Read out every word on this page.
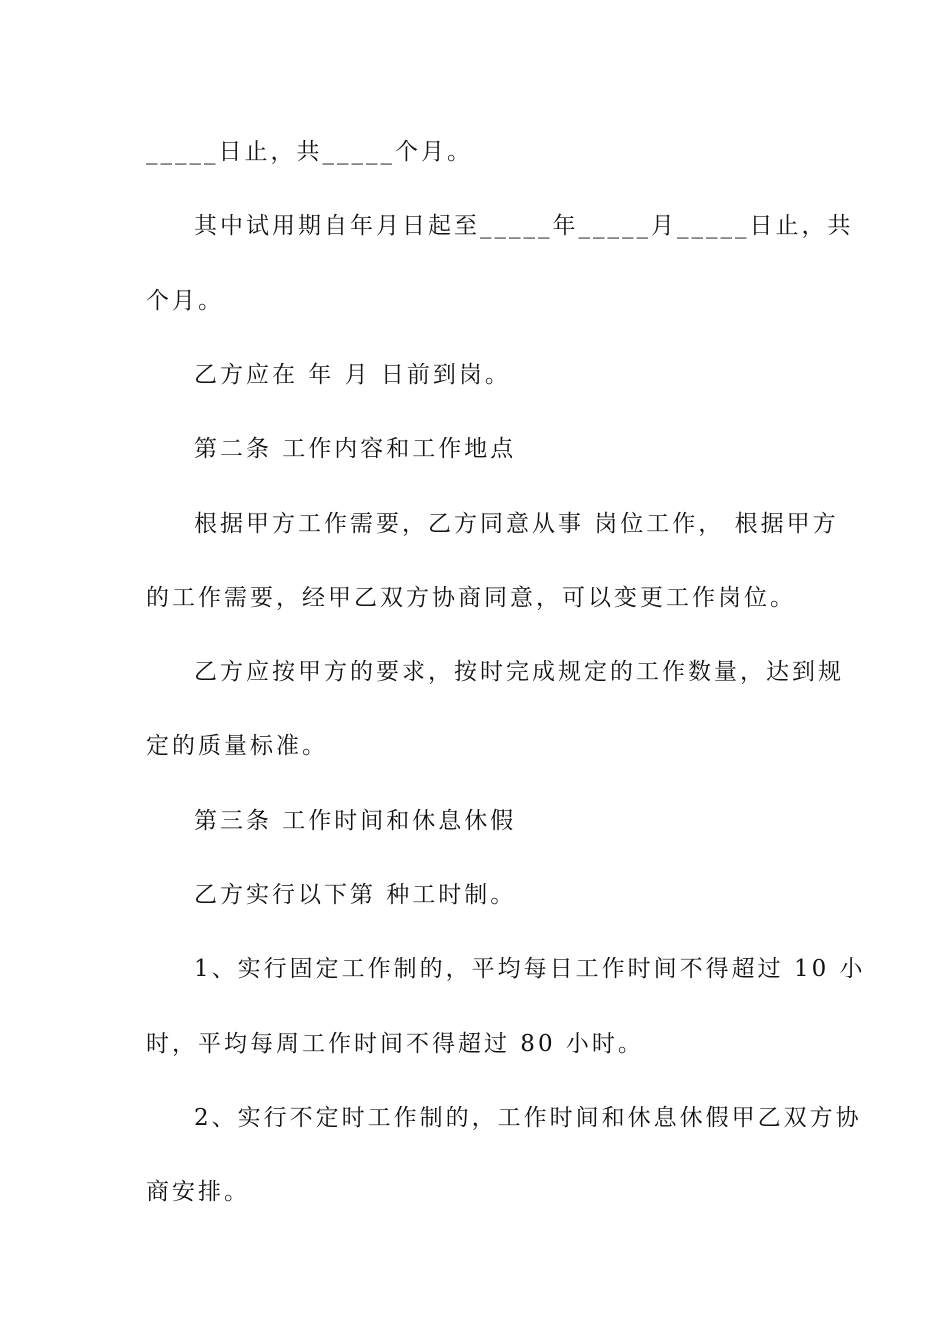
_____日止，共_____个月。
其中试用期自年月日起至_____年_____月_____日止，共
个月。
乙方应在 年 月 日前到岗。
第二条 工作内容和工作地点
根据甲方工作需要，乙方同意从事 岗位工作， 根据甲方
的工作需要，经甲乙双方协商同意，可以变更工作岗位。
乙方应按甲方的要求，按时完成规定的工作数量，达到规
定的质量标准。
第三条 工作时间和休息休假
乙方实行以下第 种工时制。
1、实行固定工作制的，平均每日工作时间不得超过 10 小
时，平均每周工作时间不得超过 80 小时。
2、实行不定时工作制的，工作时间和休息休假甲乙双方协
商安排。
